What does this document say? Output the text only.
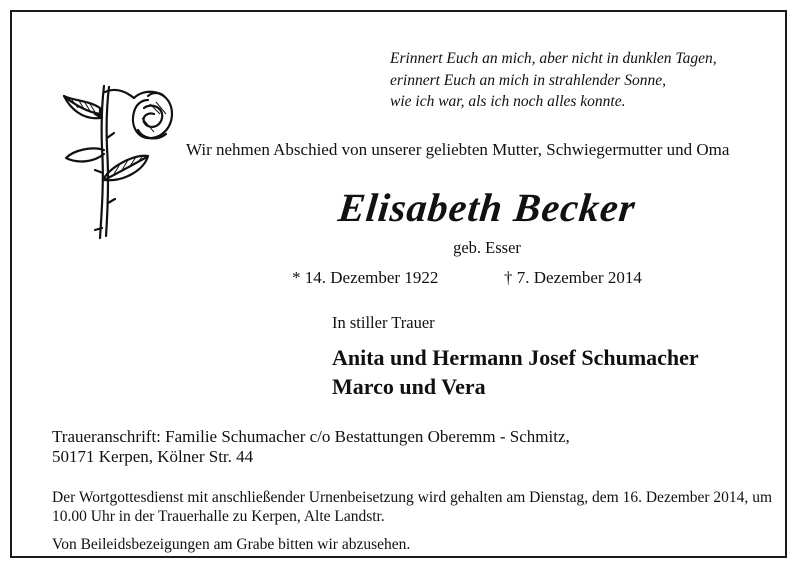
Erinnert Euch an mich, aber nicht in dunklen Tagen,
erinnert Euch an mich in strahlender Sonne,
wie ich war, als ich noch alles konnte.
Wir nehmen Abschied von unserer geliebten Mutter, Schwiegermutter und Oma
Elisabeth Becker
geb. Esser
* 14. Dezember 1922	† 7. Dezember 2014
In stiller Trauer
Anita und Hermann Josef Schumacher
Marco und Vera
Traueranschrift: Familie Schumacher c/o Bestattungen Oberemm - Schmitz,
50171 Kerpen, Kölner Str. 44
Der Wortgottesdienst mit anschließender Urnenbeisetzung wird gehalten am Dienstag, dem 16. Dezember 2014, um 10.00 Uhr in der Trauerhalle zu Kerpen, Alte Landstr.
Von Beileidsbezeigungen am Grabe bitten wir abzusehen.
